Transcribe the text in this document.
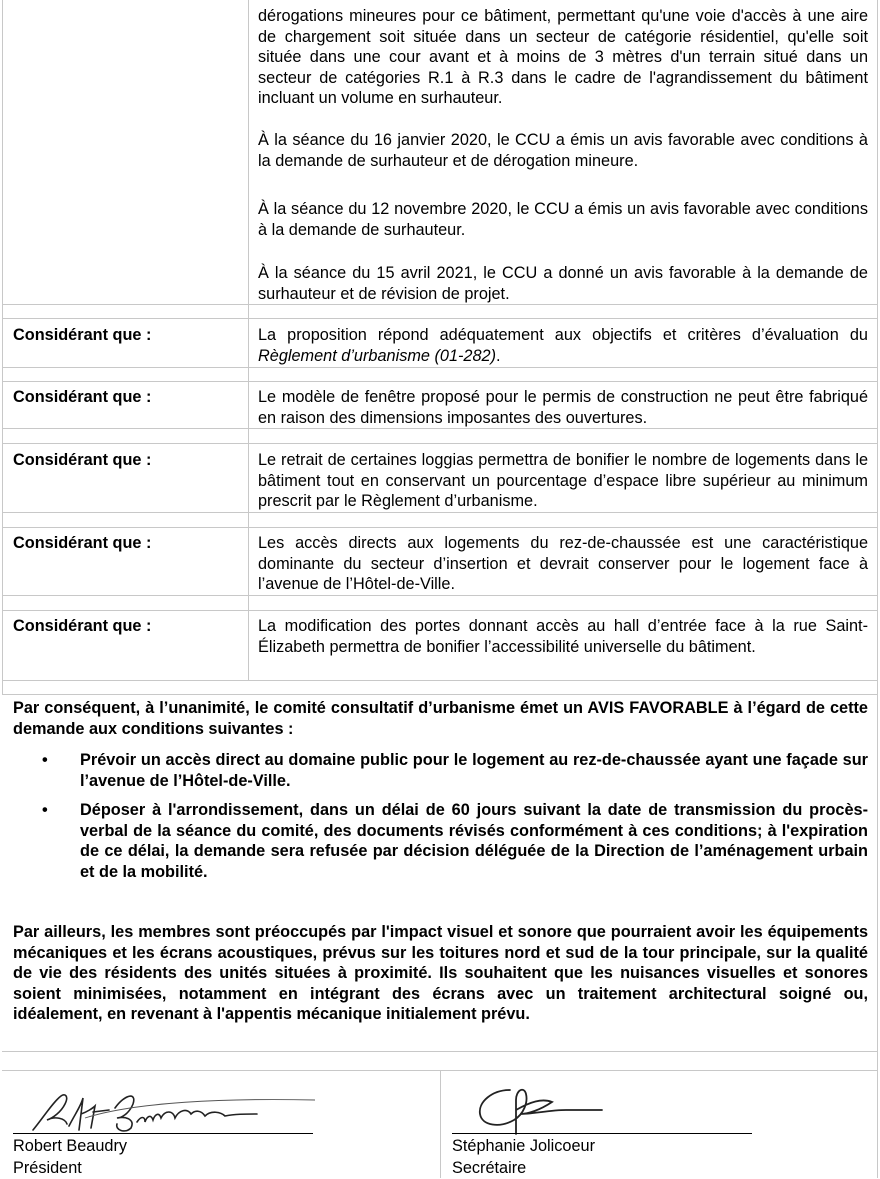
dérogations mineures pour ce bâtiment, permettant qu'une voie d'accès à une aire de chargement soit située dans un secteur de catégorie résidentiel, qu'elle soit située dans une cour avant et à moins de 3 mètres d'un terrain situé dans un secteur de catégories R.1 à R.3 dans le cadre de l'agrandissement du bâtiment incluant un volume en surhauteur.

À la séance du 16 janvier 2020, le CCU a émis un avis favorable avec conditions à la demande de surhauteur et de dérogation mineure.

À la séance du 12 novembre 2020, le CCU a émis un avis favorable avec conditions à la demande de surhauteur.

À la séance du 15 avril 2021, le CCU a donné un avis favorable à la demande de surhauteur et de révision de projet.

Considérant que :	La proposition répond adéquatement aux objectifs et critères d’évaluation du Règlement d’urbanisme (01-282).

Considérant que :	Le modèle de fenêtre proposé pour le permis de construction ne peut être fabriqué en raison des dimensions imposantes des ouvertures.

Considérant que :	Le retrait de certaines loggias permettra de bonifier le nombre de logements dans le bâtiment tout en conservant un pourcentage d’espace libre supérieur au minimum prescrit par le Règlement d’urbanisme.

Considérant que :	Les accès directs aux logements du rez-de-chaussée est une caractéristique dominante du secteur d’insertion et devrait conserver pour le logement face à l’avenue de l’Hôtel-de-Ville.

Considérant que :	La modification des portes donnant accès au hall d’entrée face à la rue Saint-Élizabeth permettra de bonifier l’accessibilité universelle du bâtiment.

Par conséquent, à l’unanimité, le comité consultatif d’urbanisme émet un AVIS FAVORABLE à l’égard de cette demande aux conditions suivantes :

• Prévoir un accès direct au domaine public pour le logement au rez-de-chaussée ayant une façade sur l’avenue de l’Hôtel-de-Ville.
• Déposer à l'arrondissement, dans un délai de 60 jours suivant la date de transmission du procès-verbal de la séance du comité, des documents révisés conformément à ces conditions; à l'expiration de ce délai, la demande sera refusée par décision déléguée de la Direction de l’aménagement urbain et de la mobilité.

Par ailleurs, les membres sont préoccupés par l'impact visuel et sonore que pourraient avoir les équipements mécaniques et les écrans acoustiques, prévus sur les toitures nord et sud de la tour principale, sur la qualité de vie des résidents des unités situées à proximité. Ils souhaitent que les nuisances visuelles et sonores soient minimisées, notamment en intégrant des écrans avec un traitement architectural soigné ou, idéalement, en revenant à l'appentis mécanique initialement prévu.

Robert Beaudry

Président

Stéphanie Jolicoeur

Secrétaire
